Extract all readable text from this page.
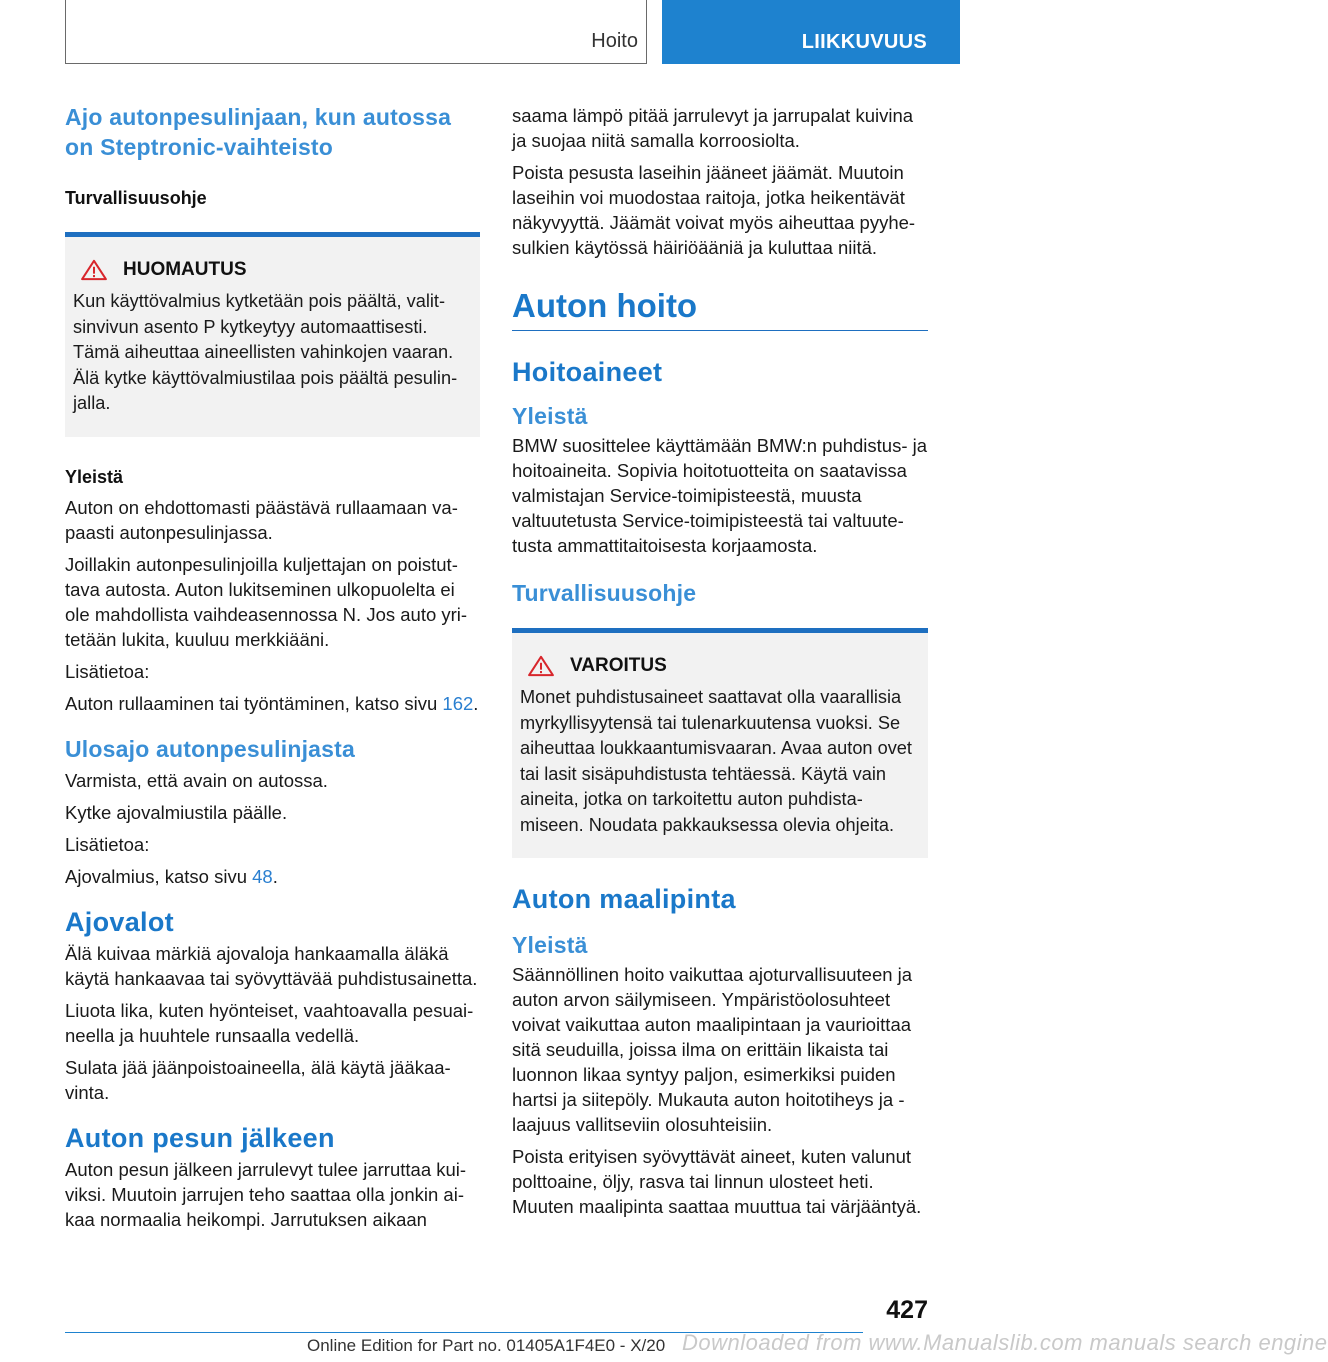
Hoito	LIIKKUVUUS
Ajo autonpesulinjaan, kun autossa on Steptronic-vaihteisto
Turvallisuusohje
HUOMAUTUS

Kun käyttövalmius kytketään pois päältä, valitsinvivun asento P kytkeytyy automaattisesti. Tämä aiheuttaa aineellisten vahinkojen vaaran. Älä kytke käyttövalmiustilaa pois päältä pesulinjalla.

Yleistä

Auton on ehdottomasti päästävä rullaamaan vapaasti autonpesulinjassa.

Joillakin autonpesulinjoilla kuljettajan on poistuttava autosta. Auton lukitseminen ulkopuolelta ei ole mahdollista vaihdeasennossa N. Jos auto yritetään lukita, kuuluu merkkiääni.

Lisätietoa:

Auton rullaaminen tai työntäminen, katso sivu 162.

Ulosajo autonpesulinjasta

Varmista, että avain on autossa.

Kytke ajovalmiustila päälle.

Lisätietoa:

Ajovalmius, katso sivu 48.

Ajovalot

Älä kuivaa märkiä ajovaloja hankaamalla äläkä käytä hankaavaa tai syövyttävää puhdistusainetta.

Liuota lika, kuten hyönteiset, vaahtoavalla pesuaineella ja huuhtele runsaalla vedellä.

Sulata jää jäänpoistoaineella, älä käytä jääkaavinta.

Auton pesun jälkeen

Auton pesun jälkeen jarrulevyt tulee jarruttaa kuiviksi. Muutoin jarrujen teho saattaa olla jonkin aikaa normaalia heikompi. Jarrutuksen aikaan

saama lämpö pitää jarrulevyt ja jarrupalat kuivina ja suojaa niitä samalla korroosiolta.

Poista pesusta laseihin jääneet jäämät. Muutoin laseihin voi muodostaa raitoja, jotka heikentävät näkyvyyttä. Jäämät voivat myös aiheuttaa pyyhesulkien käytössä häiriöääniä ja kuluttaa niitä.

Auton hoito
Hoitoaineet
Yleistä

BMW suosittelee käyttämään BMW:n puhdistus- ja hoitoaineita. Sopivia hoitotuotteita on saatavissa valmistajan Service-toimipisteestä, muusta valtuutetusta Service-toimipisteestä tai valtuutetusta ammattitaitoisesta korjaamosta.

Turvallisuusohje
VAROITUS

Monet puhdistusaineet saattavat olla vaarallisia myrkyllisyytensä tai tulenarkuutensa vuoksi. Se aiheuttaa loukkaantumisvaaran. Avaa auton ovet tai lasit sisäpuhdistusta tehtäessä. Käytä vain aineita, jotka on tarkoitettu auton puhdistamiseen. Noudata pakkauksessa olevia ohjeita.

Auton maalipinta
Yleistä

Säännöllinen hoito vaikuttaa ajoturvallisuuteen ja auton arvon säilymiseen. Ympäristöolosuhteet voivat vaikuttaa auton maalipintaan ja vaurioittaa sitä seuduilla, joissa ilma on erittäin likaista tai luonnon likaa syntyy paljon, esimerkiksi puiden hartsi ja siitepöly. Mukauta auton hoitotiheys ja -laajuus vallitseviin olosuhteisiin.

Poista erityisen syövyttävät aineet, kuten valunut polttoaine, öljy, rasva tai linnun ulosteet heti. Muuten maalipinta saattaa muuttua tai värjääntyä.

427
Online Edition for Part no. 01405A1F4E0 - X/20 Downloaded from www.Manualslib.com manuals search engine
